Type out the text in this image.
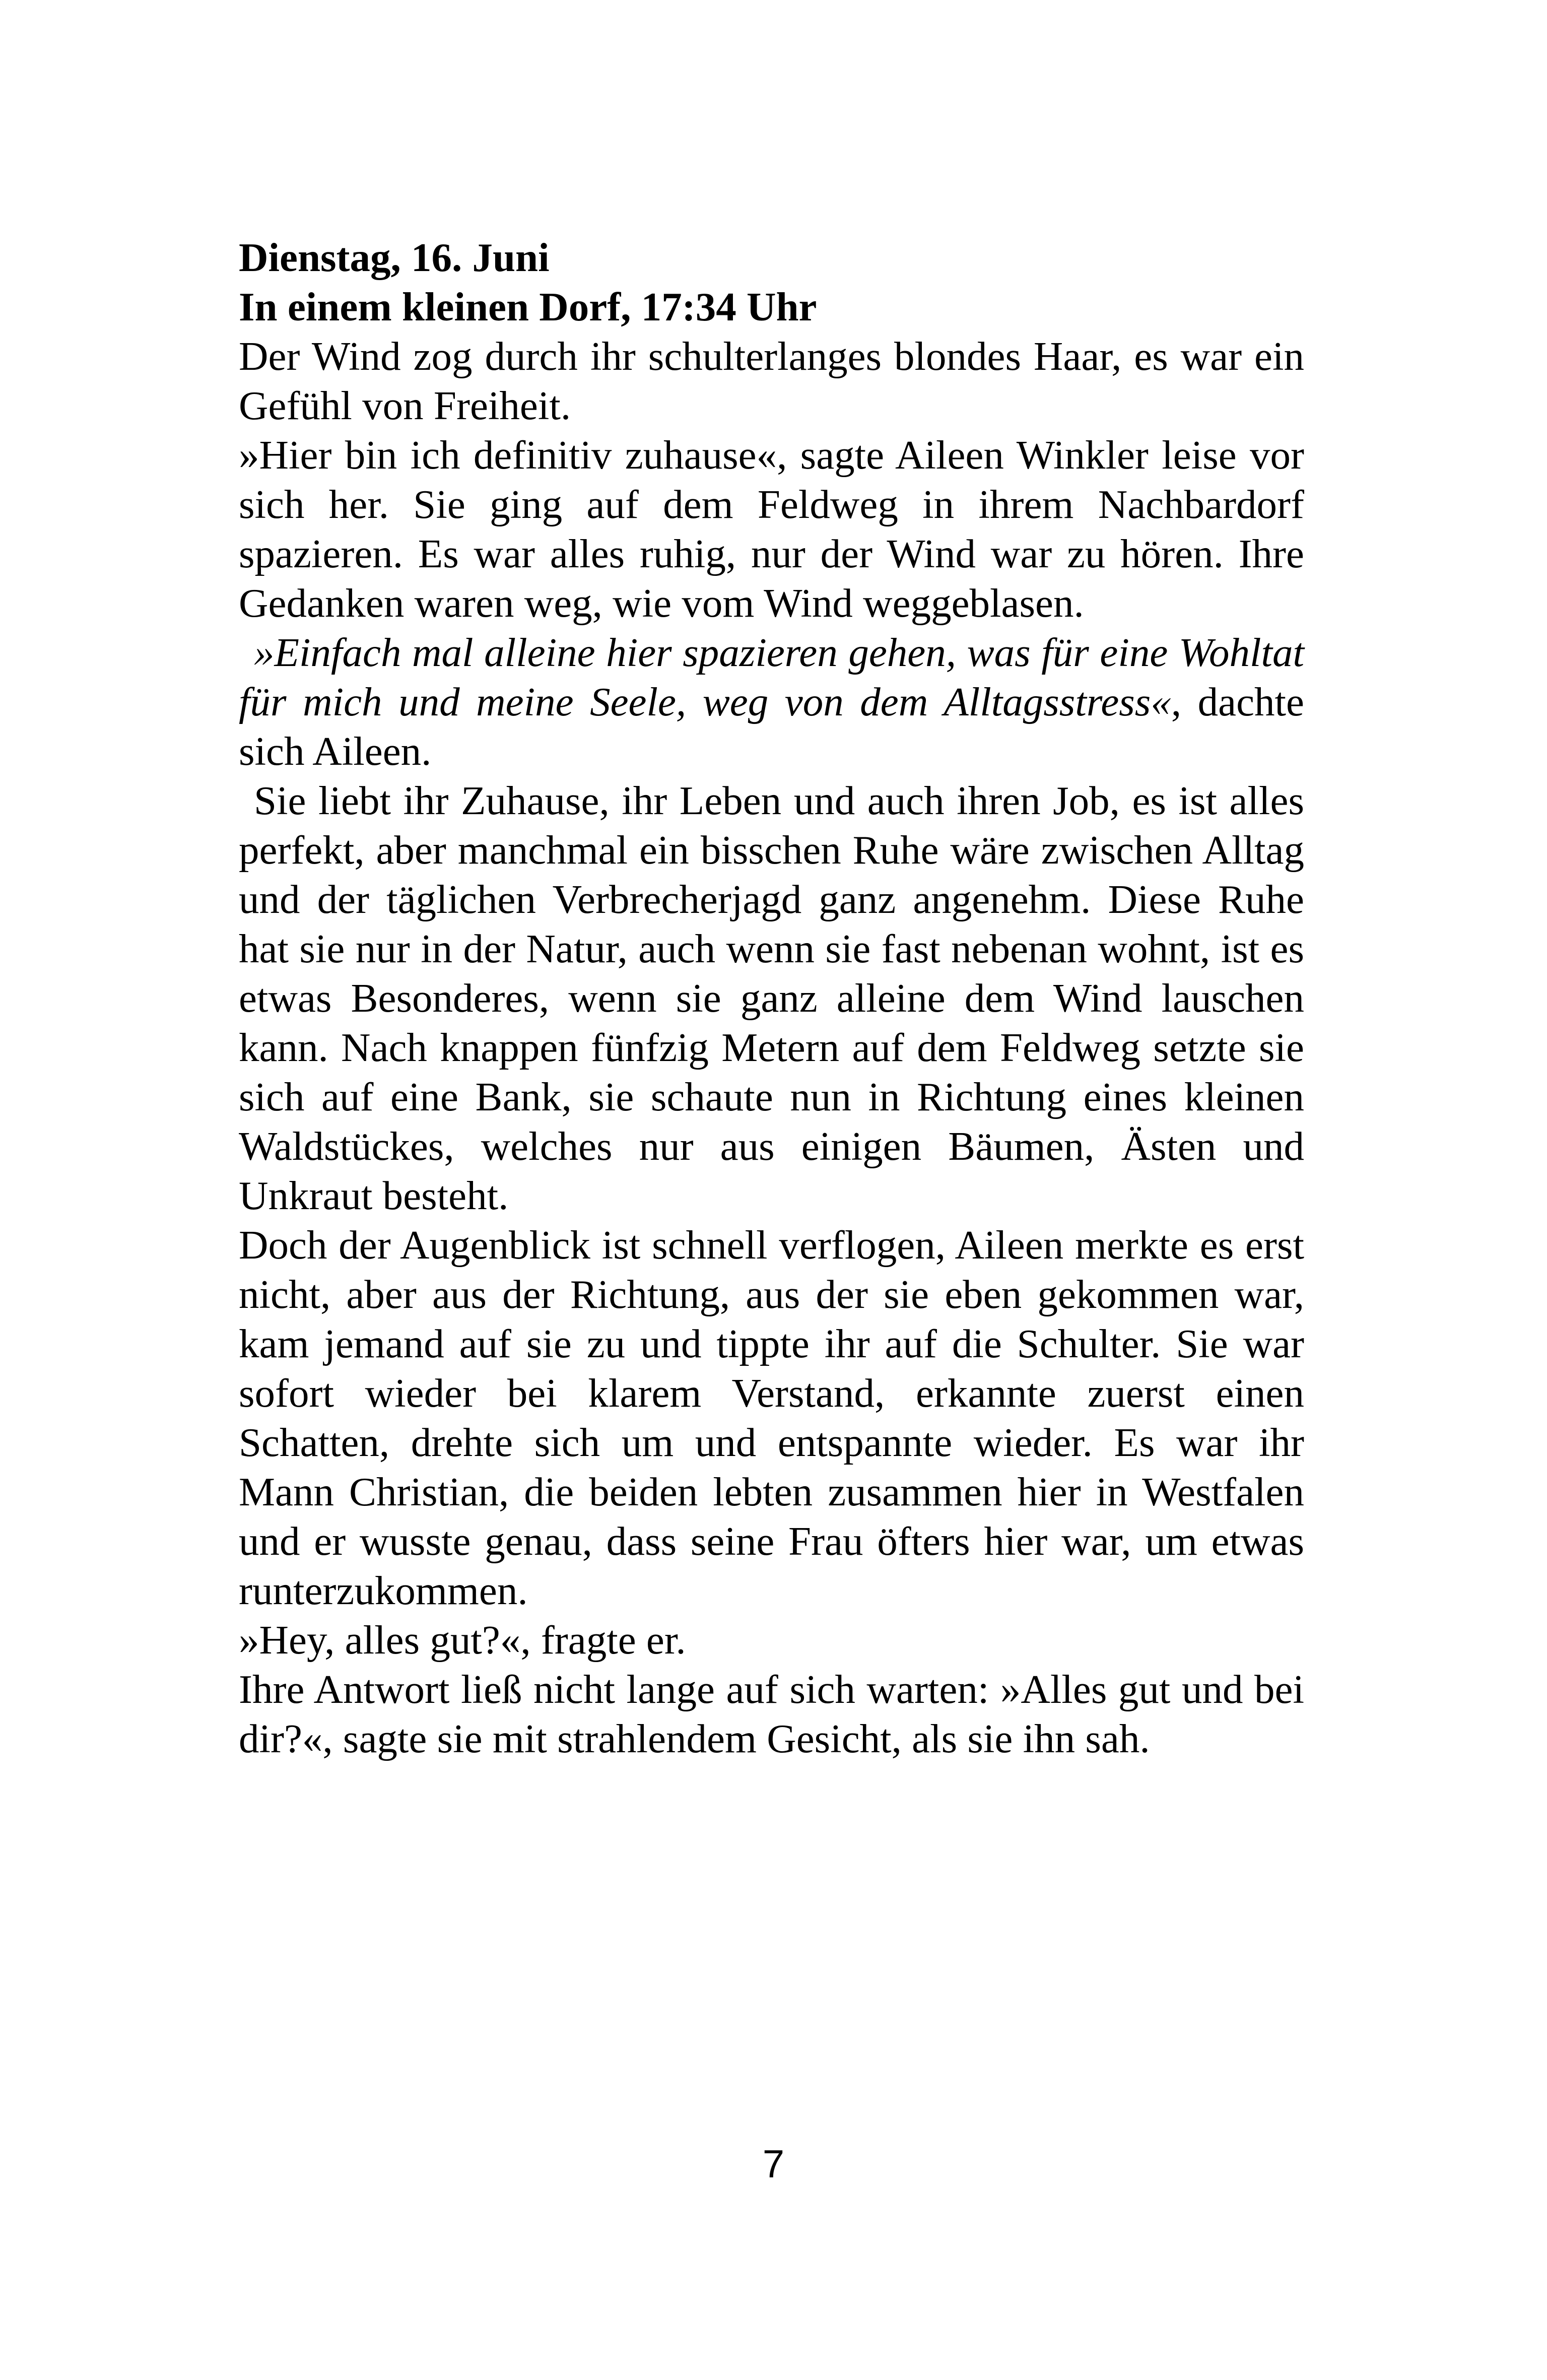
Dienstag, 16. Juni
In einem kleinen Dorf, 17:34 Uhr

Der Wind zog durch ihr schulterlanges blondes Haar, es war ein Gefühl von Freiheit.

»Hier bin ich definitiv zuhause«, sagte Aileen Winkler leise vor sich her. Sie ging auf dem Feldweg in ihrem Nachbardorf spazieren. Es war alles ruhig, nur der Wind war zu hören. Ihre Gedanken waren weg, wie vom Wind weggeblasen.

»Einfach mal alleine hier spazieren gehen, was für eine Wohltat für mich und meine Seele, weg von dem Alltagsstress«, dachte sich Aileen.

Sie liebt ihr Zuhause, ihr Leben und auch ihren Job, es ist alles perfekt, aber manchmal ein bisschen Ruhe wäre zwischen Alltag und der täglichen Verbrecherjagd ganz angenehm. Diese Ruhe hat sie nur in der Natur, auch wenn sie fast nebenan wohnt, ist es etwas Besonderes, wenn sie ganz alleine dem Wind lauschen kann. Nach knappen fünfzig Metern auf dem Feldweg setzte sie sich auf eine Bank, sie schaute nun in Richtung eines kleinen Waldstückes, welches nur aus einigen Bäumen, Ästen und Unkraut besteht.

Doch der Augenblick ist schnell verflogen, Aileen merkte es erst nicht, aber aus der Richtung, aus der sie eben gekommen war, kam jemand auf sie zu und tippte ihr auf die Schulter. Sie war sofort wieder bei klarem Verstand, erkannte zuerst einen Schatten, drehte sich um und entspannte wieder. Es war ihr Mann Christian, die beiden lebten zusammen hier in Westfalen und er wusste genau, dass seine Frau öfters hier war, um etwas runterzukommen.

»Hey, alles gut?«, fragte er.

Ihre Antwort ließ nicht lange auf sich warten: »Alles gut und bei dir?«, sagte sie mit strahlendem Gesicht, als sie ihn sah.

7
